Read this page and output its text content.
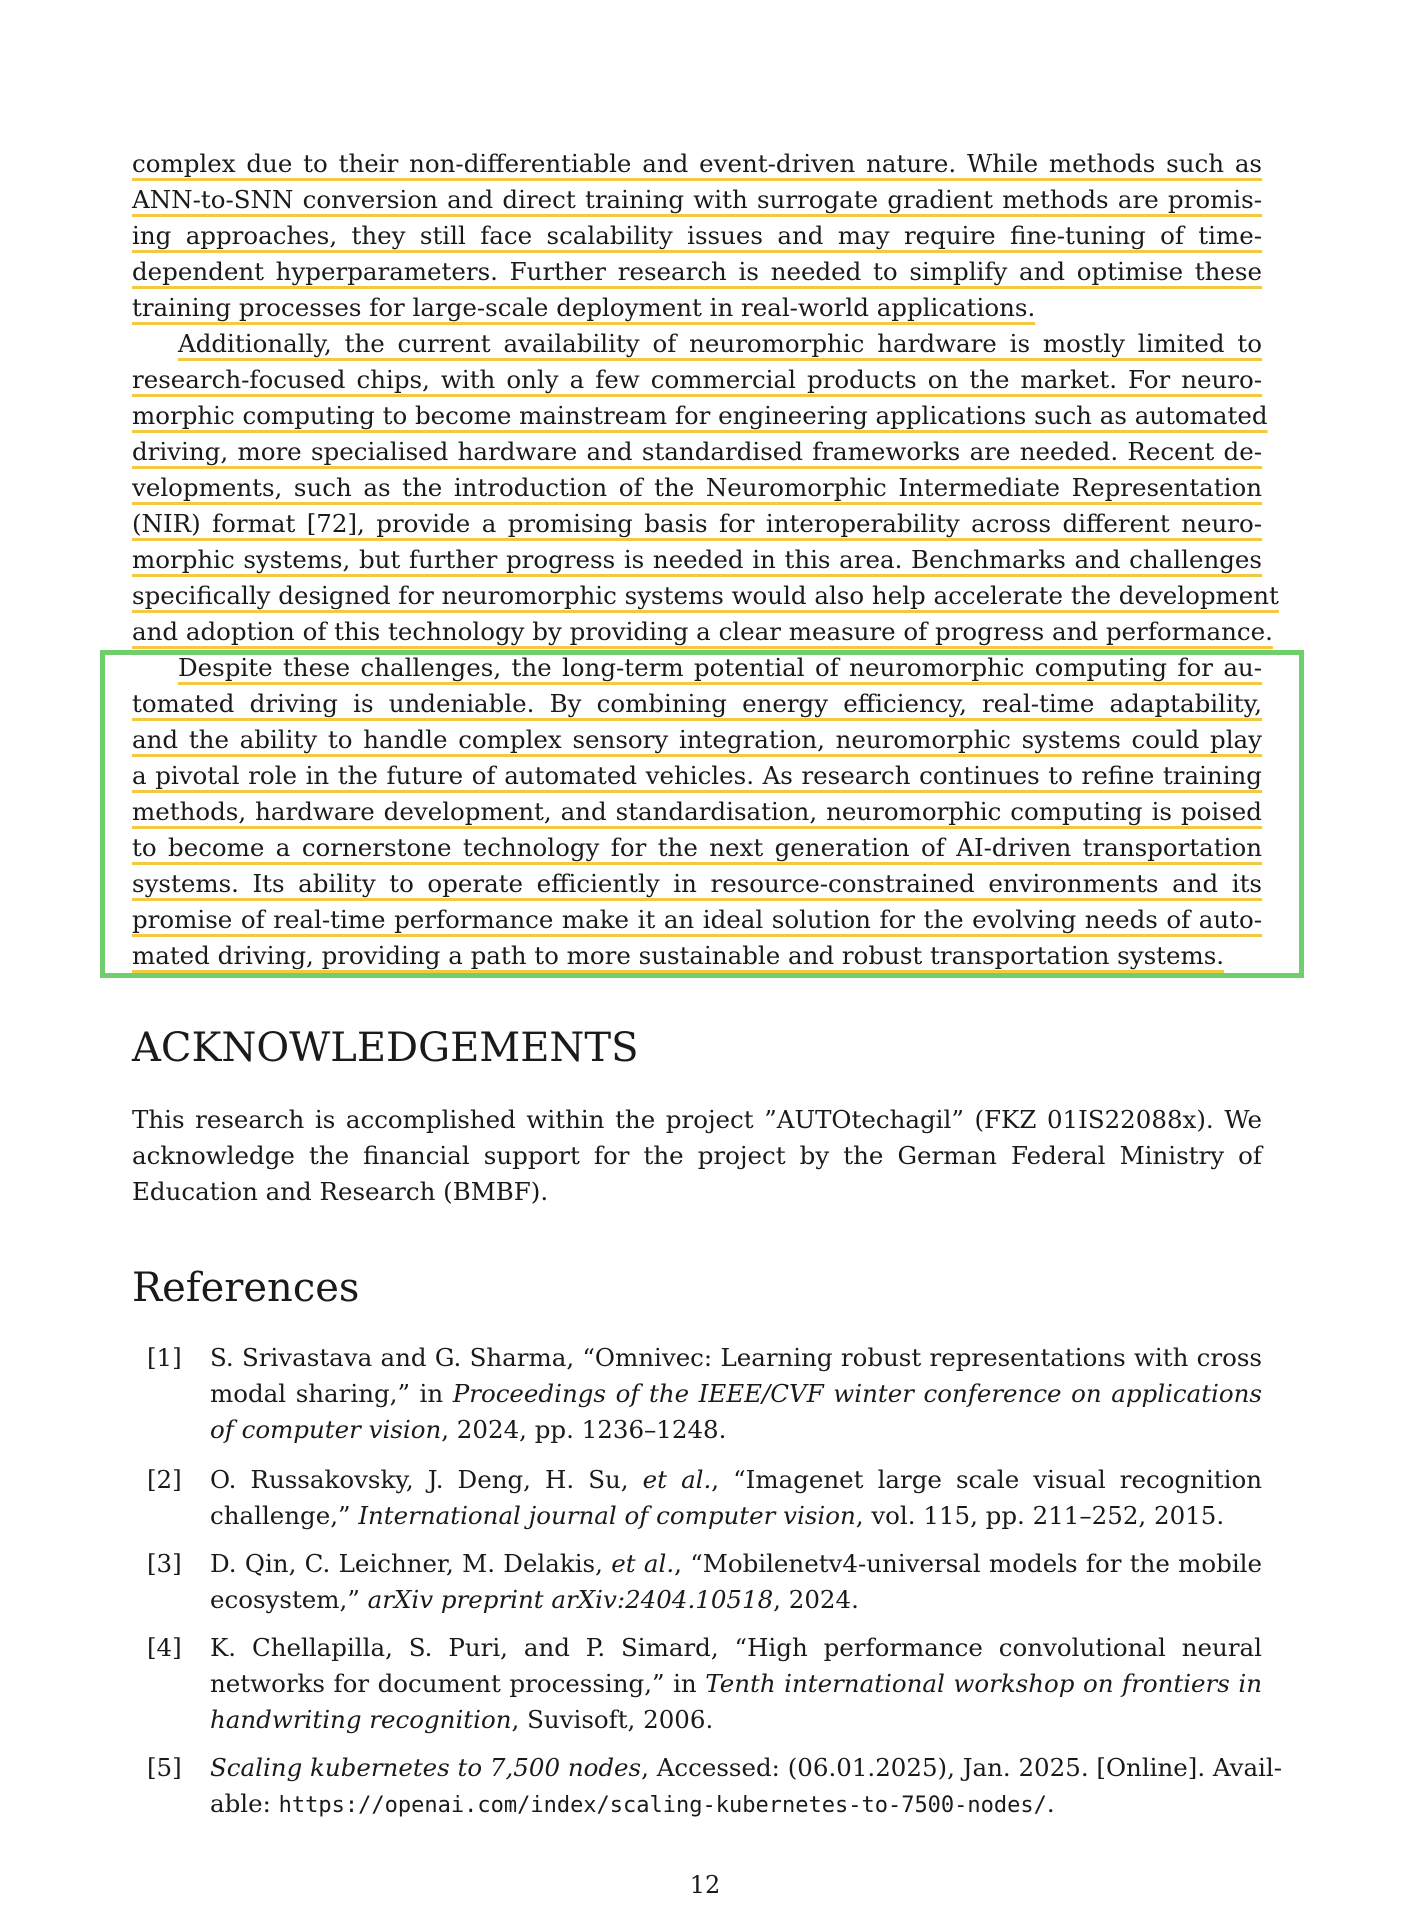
complex due to their non-differentiable and event-driven nature. While methods such as
ANN-to-SNN conversion and direct training with surrogate gradient methods are promis-
ing approaches, they still face scalability issues and may require fine-tuning of time-
dependent hyperparameters. Further research is needed to simplify and optimise these
training processes for large-scale deployment in real-world applications.
Additionally, the current availability of neuromorphic hardware is mostly limited to
research-focused chips, with only a few commercial products on the market. For neuro-
morphic computing to become mainstream for engineering applications such as automated
driving, more specialised hardware and standardised frameworks are needed. Recent de-
velopments, such as the introduction of the Neuromorphic Intermediate Representation
(NIR) format [72], provide a promising basis for interoperability across different neuro-
morphic systems, but further progress is needed in this area. Benchmarks and challenges
specifically designed for neuromorphic systems would also help accelerate the development
and adoption of this technology by providing a clear measure of progress and performance.
Despite these challenges, the long-term potential of neuromorphic computing for au-
tomated driving is undeniable. By combining energy efficiency, real-time adaptability,
and the ability to handle complex sensory integration, neuromorphic systems could play
a pivotal role in the future of automated vehicles. As research continues to refine training
methods, hardware development, and standardisation, neuromorphic computing is poised
to become a cornerstone technology for the next generation of AI-driven transportation
systems. Its ability to operate efficiently in resource-constrained environments and its
promise of real-time performance make it an ideal solution for the evolving needs of auto-
mated driving, providing a path to more sustainable and robust transportation systems.
ACKNOWLEDGEMENTS
This research is accomplished within the project ”AUTOtechagil” (FKZ 01IS22088x). We
acknowledge the financial support for the project by the German Federal Ministry of
Education and Research (BMBF).
References
[1] S. Srivastava and G. Sharma, “Omnivec: Learning robust representations with cross
modal sharing,” in Proceedings of the IEEE/CVF winter conference on applications
of computer vision, 2024, pp. 1236–1248.
[2] O. Russakovsky, J. Deng, H. Su, et al., “Imagenet large scale visual recognition
challenge,” International journal of computer vision, vol. 115, pp. 211–252, 2015.
[3] D. Qin, C. Leichner, M. Delakis, et al., “Mobilenetv4-universal models for the mobile
ecosystem,” arXiv preprint arXiv:2404.10518, 2024.
[4] K. Chellapilla, S. Puri, and P. Simard, “High performance convolutional neural
networks for document processing,” in Tenth international workshop on frontiers in
handwriting recognition, Suvisoft, 2006.
[5] Scaling kubernetes to 7,500 nodes, Accessed: (06.01.2025), Jan. 2025. [Online]. Avail-
able: https://openai.com/index/scaling-kubernetes-to-7500-nodes/.
12
